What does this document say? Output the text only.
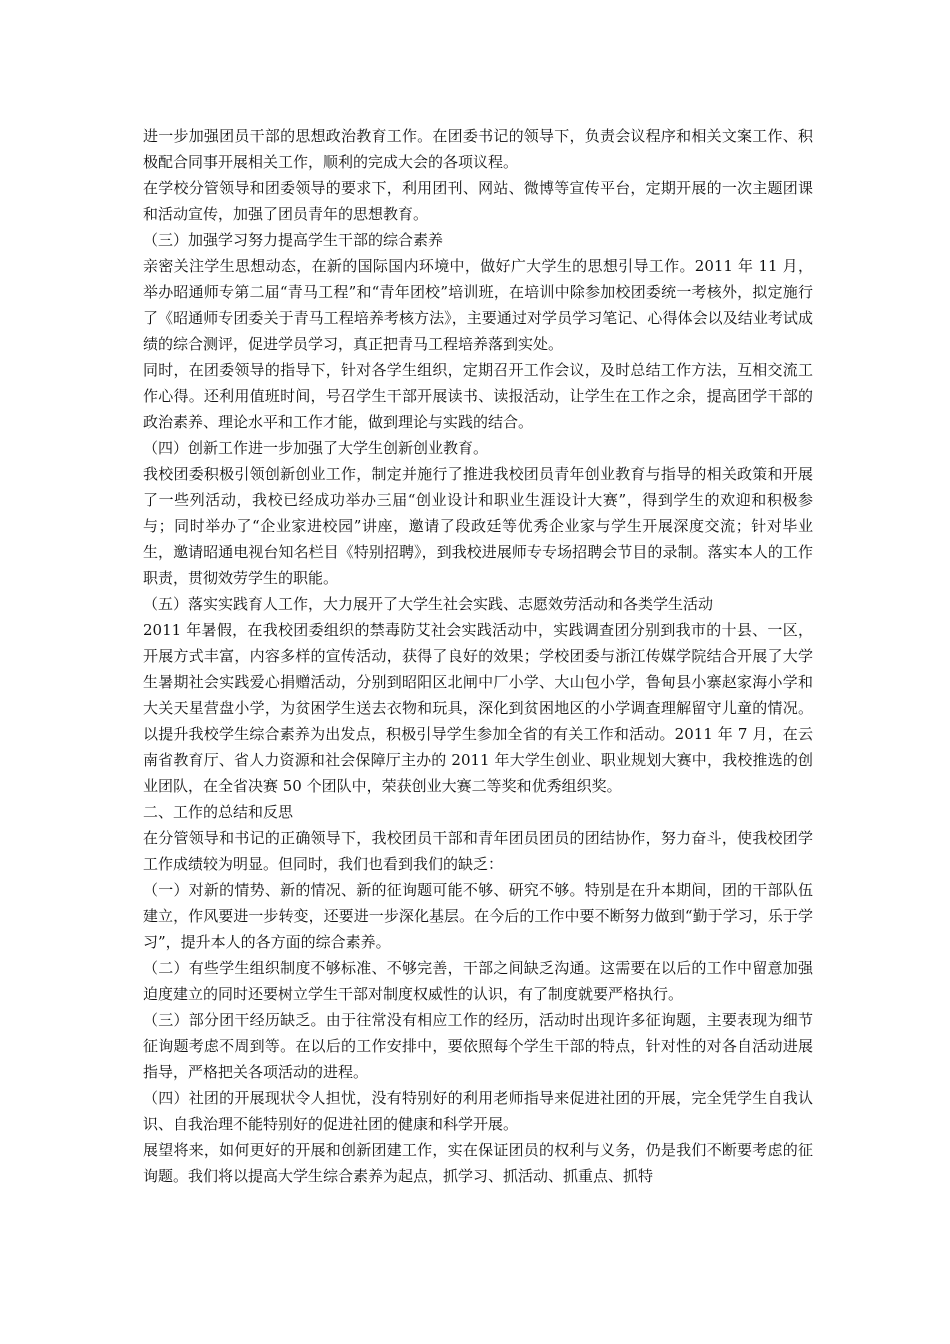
进一步加强团员干部的思想政治教育工作。在团委书记的领导下，负责会议程序和相关文案工作、积极配合同事开展相关工作，顺利的完成大会的各项议程。

在学校分管领导和团委领导的要求下，利用团刊、网站、微博等宣传平台，定期开展的一次主题团课和活动宣传，加强了团员青年的思想教育。

（三）加强学习努力提高学生干部的综合素养

亲密关注学生思想动态，在新的国际国内环境中，做好广大学生的思想引导工作。2011 年 11 月，举办昭通师专第二届“青马工程”和“青年团校”培训班，在培训中除参加校团委统一考核外，拟定施行了《昭通师专团委关于青马工程培养考核方法》，主要通过对学员学习笔记、心得体会以及结业考试成绩的综合测评，促进学员学习，真正把青马工程培养落到实处。

同时，在团委领导的指导下，针对各学生组织，定期召开工作会议，及时总结工作方法，互相交流工作心得。还利用值班时间，号召学生干部开展读书、读报活动，让学生在工作之余，提高团学干部的政治素养、理论水平和工作才能，做到理论与实践的结合。

（四）创新工作进一步加强了大学生创新创业教育。

我校团委积极引领创新创业工作，制定并施行了推进我校团员青年创业教育与指导的相关政策和开展了一些列活动，我校已经成功举办三届“创业设计和职业生涯设计大赛”，得到学生的欢迎和积极参与；同时举办了“企业家进校园”讲座，邀请了段政廷等优秀企业家与学生开展深度交流；针对毕业生，邀请昭通电视台知名栏目《特别招聘》，到我校进展师专专场招聘会节目的录制。落实本人的工作职责，贯彻效劳学生的职能。

（五）落实实践育人工作，大力展开了大学生社会实践、志愿效劳活动和各类学生活动

2011 年暑假，在我校团委组织的禁毒防艾社会实践活动中，实践调查团分别到我市的十县、一区，开展方式丰富，内容多样的宣传活动，获得了良好的效果；学校团委与浙江传媒学院结合开展了大学生暑期社会实践爱心捐赠活动，分别到昭阳区北闸中厂小学、大山包小学，鲁甸县小寨赵家海小学和大关天星营盘小学，为贫困学生送去衣物和玩具，深化到贫困地区的小学调查理解留守儿童的情况。 以提升我校学生综合素养为出发点，积极引导学生参加全省的有关工作和活动。2011 年 7 月，在云南省教育厅、省人力资源和社会保障厅主办的 2011 年大学生创业、职业规划大赛中，我校推选的创业团队，在全省决赛 50 个团队中，荣获创业大赛二等奖和优秀组织奖。

二、工作的总结和反思

在分管领导和书记的正确领导下，我校团员干部和青年团员团员的团结协作，努力奋斗，使我校团学工作成绩较为明显。但同时，我们也看到我们的缺乏：

（一）对新的情势、新的情况、新的征询题可能不够、研究不够。特别是在升本期间，团的干部队伍建立，作风要进一步转变，还要进一步深化基层。在今后的工作中要不断努力做到“勤于学习，乐于学习”，提升本人的各方面的综合素养。

（二）有些学生组织制度不够标准、不够完善，干部之间缺乏沟通。这需要在以后的工作中留意加强迫度建立的同时还要树立学生干部对制度权威性的认识，有了制度就要严格执行。

（三）部分团干经历缺乏。由于往常没有相应工作的经历，活动时出现许多征询题，主要表现为细节征询题考虑不周到等。在以后的工作安排中，要依照每个学生干部的特点，针对性的对各自活动进展指导，严格把关各项活动的进程。

（四）社团的开展现状令人担忧，没有特别好的利用老师指导来促进社团的开展，完全凭学生自我认识、自我治理不能特别好的促进社团的健康和科学开展。

展望将来，如何更好的开展和创新团建工作，实在保证团员的权利与义务，仍是我们不断要考虑的征询题。我们将以提高大学生综合素养为起点，抓学习、抓活动、抓重点、抓特
